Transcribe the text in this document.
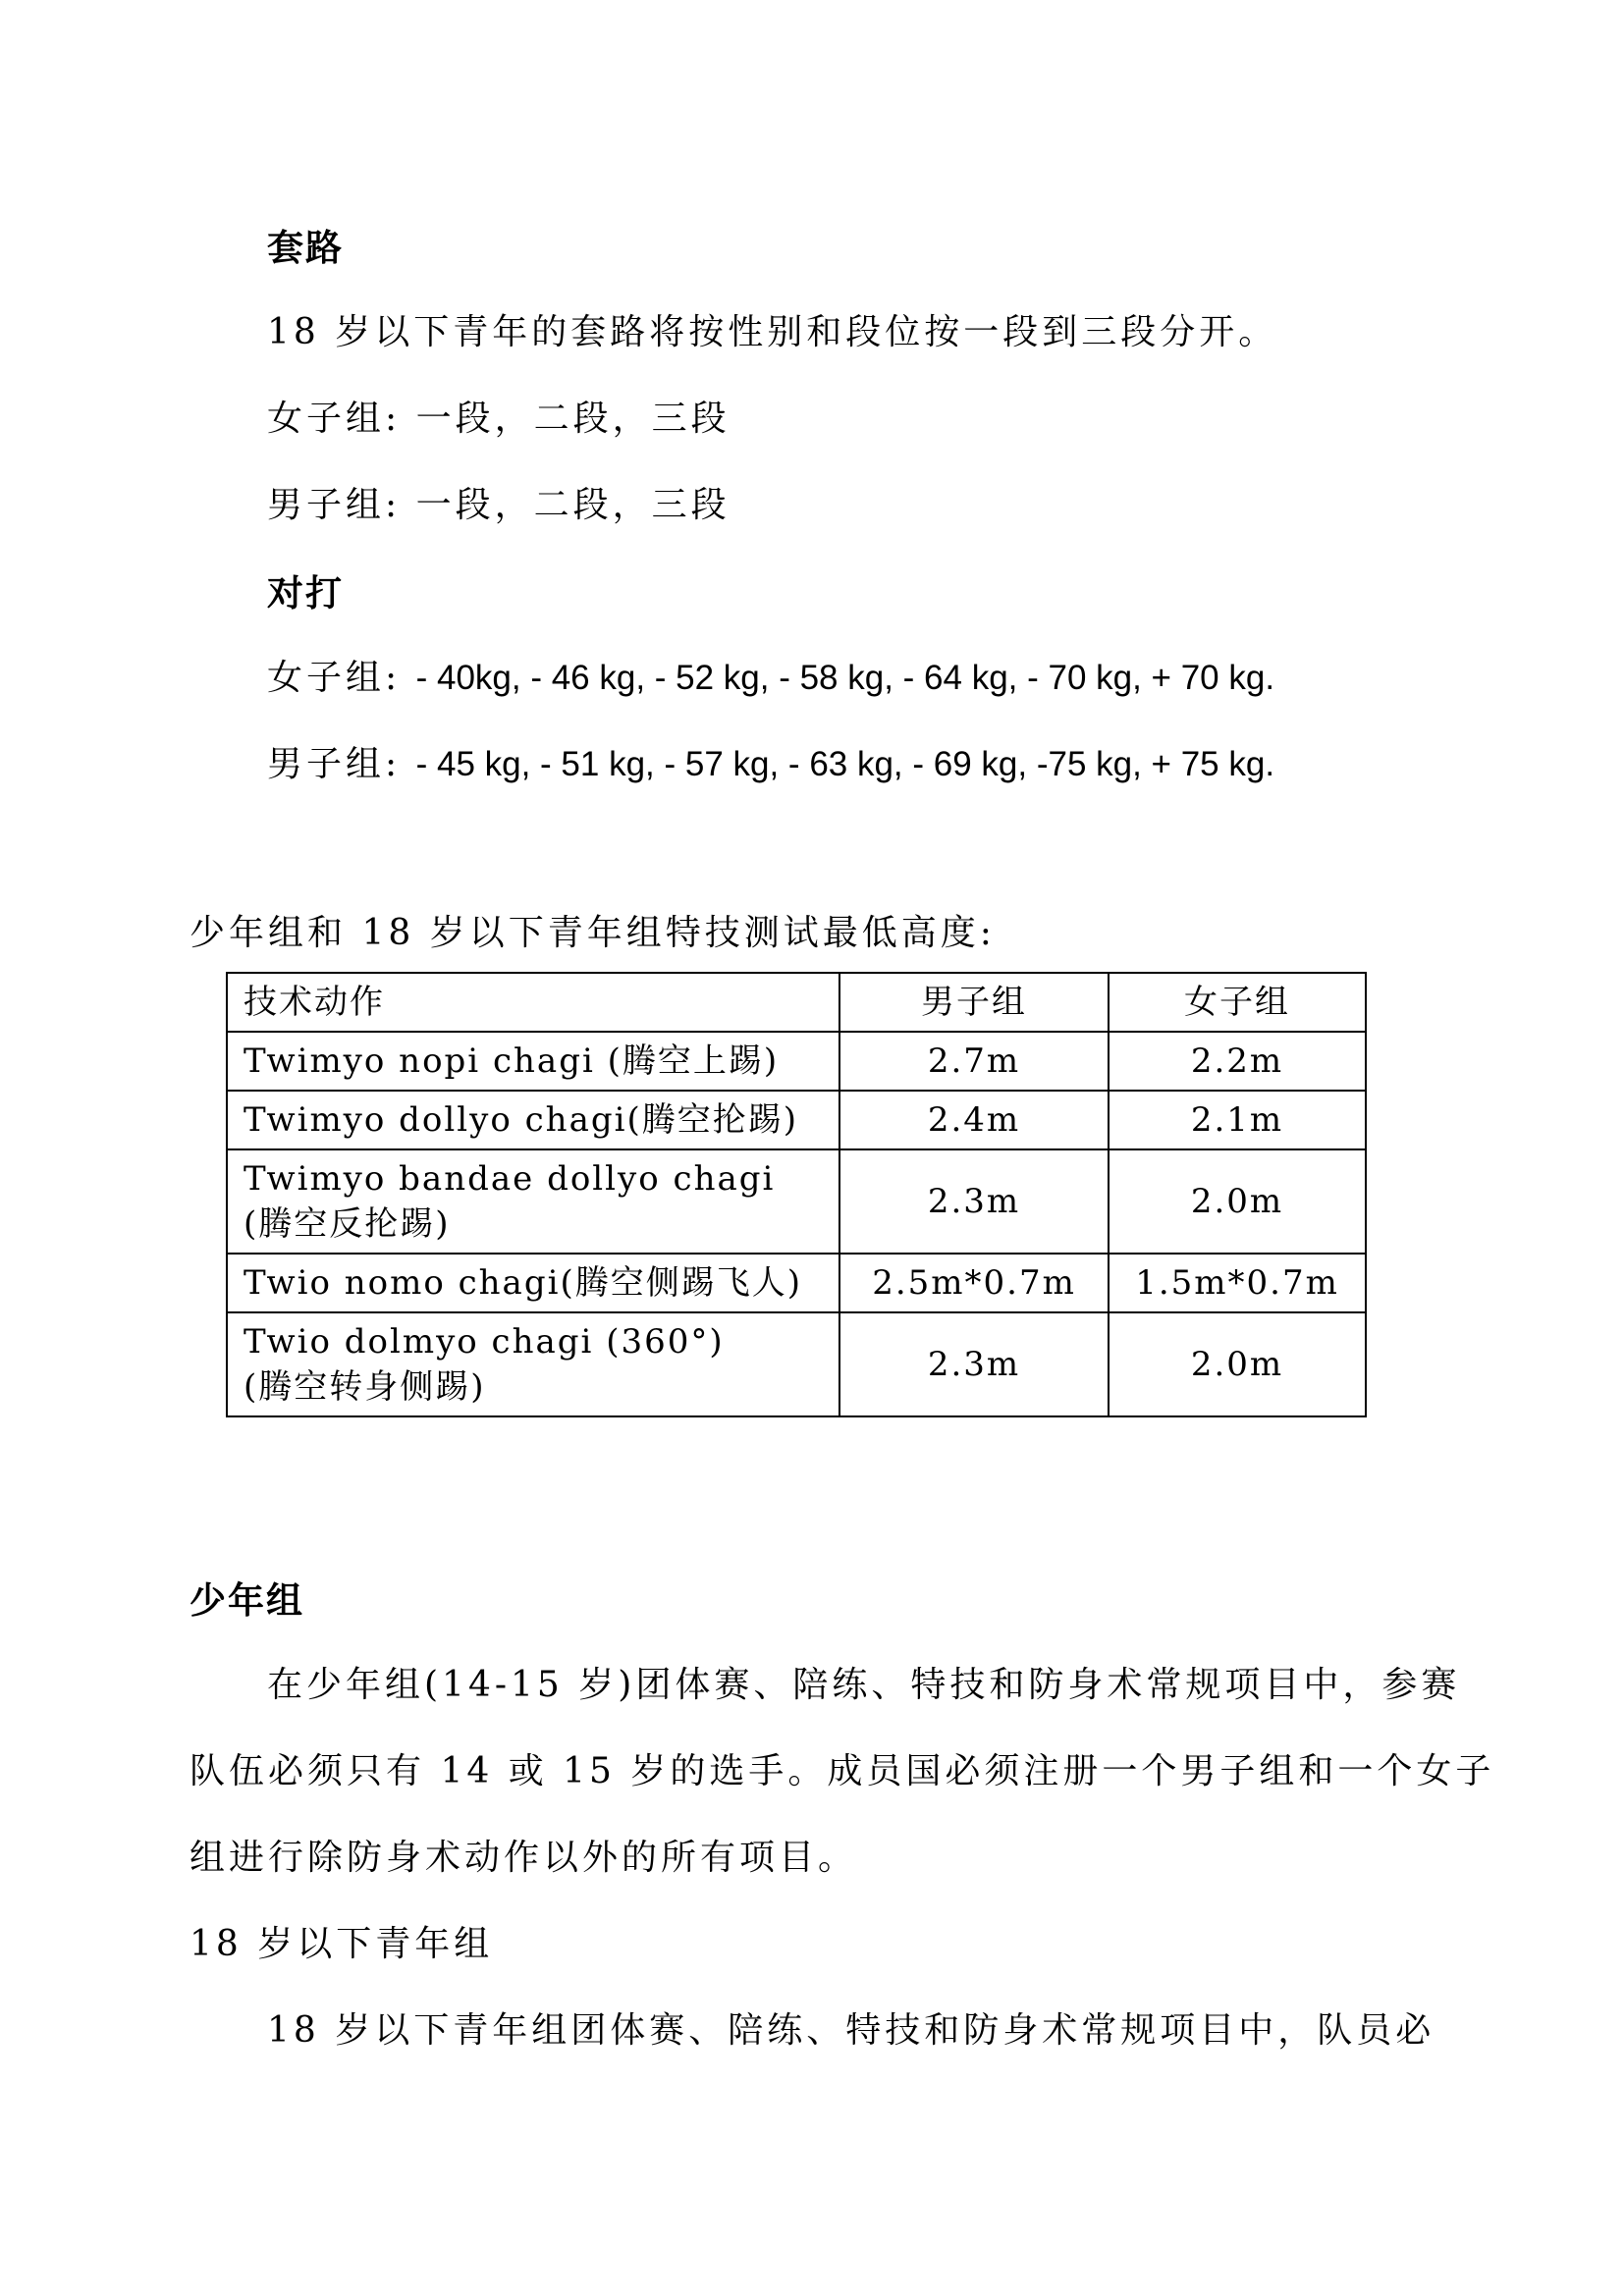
套路
18 岁以下青年的套路将按性别和段位按一段到三段分开。
女子组: 一段，二段，三段
男子组: 一段，二段，三段
对打
女子组: - 40kg, - 46 kg, - 52 kg, - 58 kg, - 64 kg, - 70 kg, + 70 kg.
男子组: - 45 kg, - 51 kg, - 57 kg, - 63 kg, - 69 kg, -75 kg, + 75 kg.
少年组和 18 岁以下青年组特技测试最低高度:
技术动作	男子组	女子组
Twimyo nopi chagi (腾空上踢)	2.7m	2.2m
Twimyo dollyo chagi(腾空抡踢)	2.4m	2.1m

Twimyo bandae dollyo chagi
(腾空反抡踢)	2.3m	2.0m
Twio nomo chagi(腾空侧踢飞人)	2.5m*0.7m	1.5m*0.7m

Twio dolmyo chagi (360°)
(腾空转身侧踢)	2.3m	2.0m
少年组
在少年组(14-15 岁)团体赛、陪练、特技和防身术常规项目中，参赛
队伍必须只有 14 或 15 岁的选手。成员国必须注册一个男子组和一个女子
组进行除防身术动作以外的所有项目。
18 岁以下青年组
18 岁以下青年组团体赛、陪练、特技和防身术常规项目中，队员必
